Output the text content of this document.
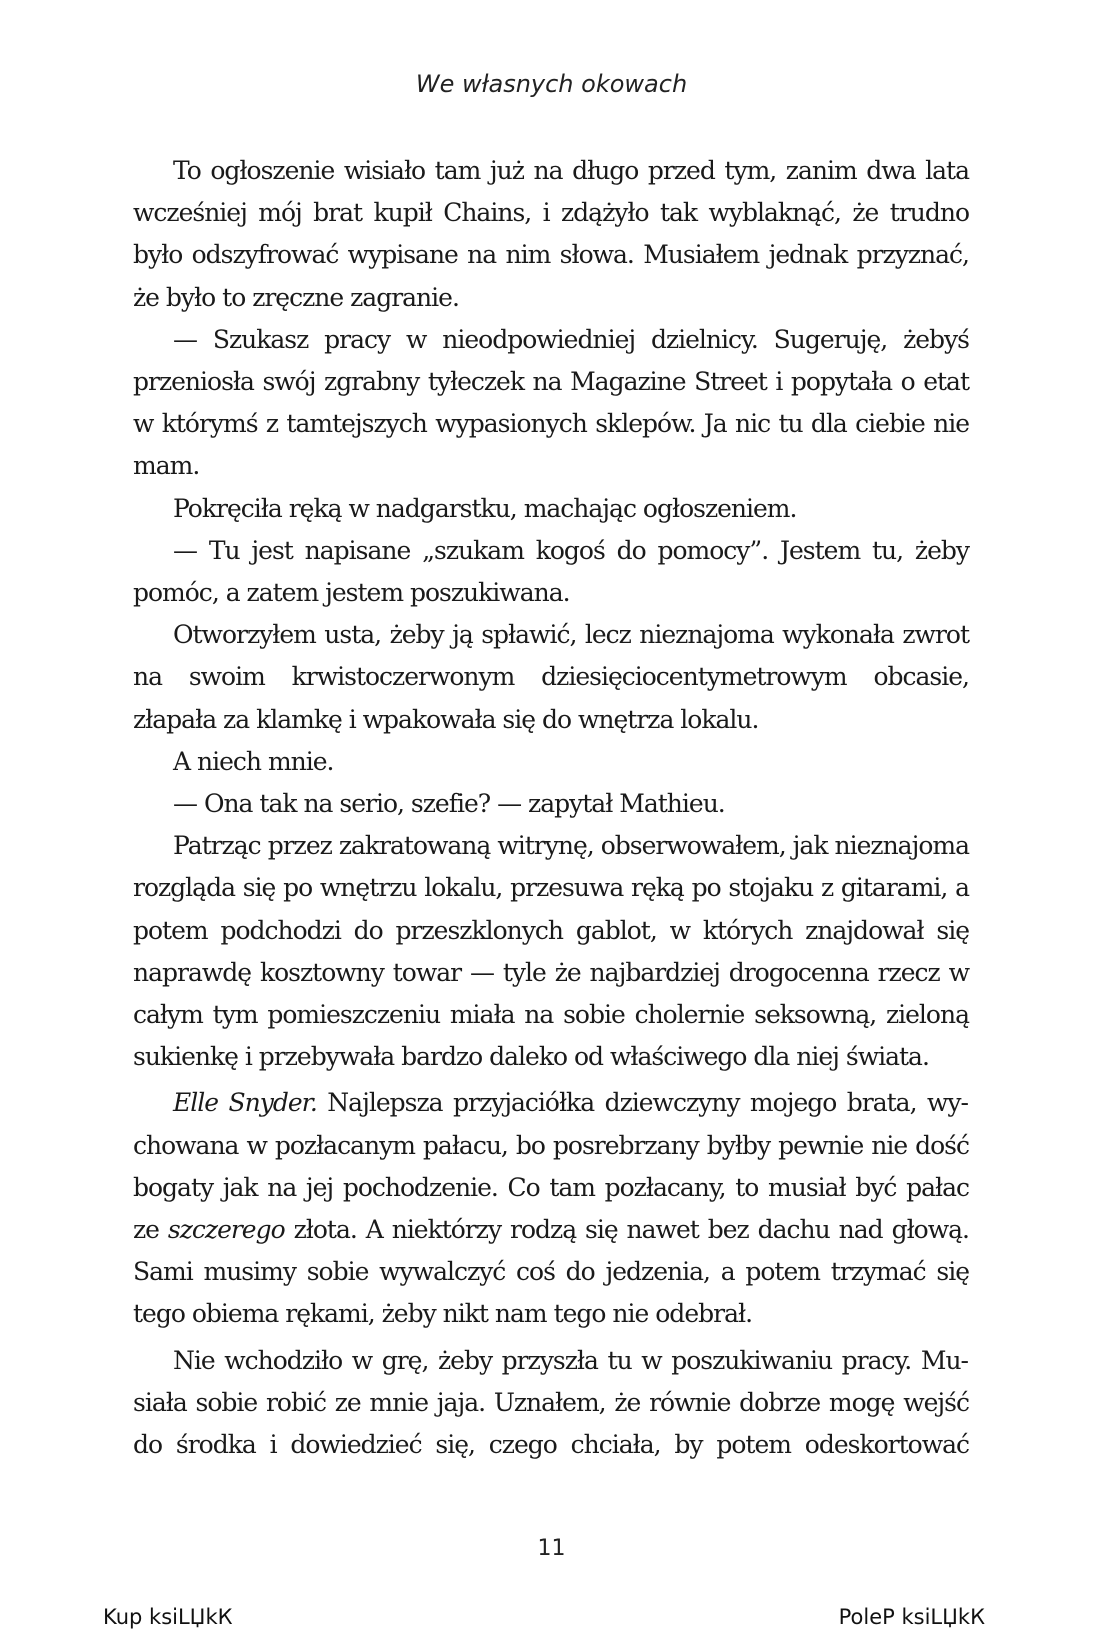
We własnych okowach

To ogłoszenie wisiało tam już na długo przed tym, zanim dwa lata wcześniej mój brat kupił Chains, i zdążyło tak wyblaknąć, że trudno było odszyfrować wypisane na nim słowa. Musiałem jednak przyznać, że było to zręczne zagranie.

— Szukasz pracy w nieodpowiedniej dzielnicy. Sugeruję, żebyś przeniosła swój zgrabny tyłeczek na Magazine Street i popytała o etat w którymś z tamtejszych wypasionych sklepów. Ja nic tu dla ciebie nie mam.

Pokręciła ręką w nadgarstku, machając ogłoszeniem.

— Tu jest napisane „szukam kogoś do pomocy”. Jestem tu, żeby pomóc, a zatem jestem poszukiwana.

Otworzyłem usta, żeby ją spławić, lecz nieznajoma wykonała zwrot na swoim krwistoczerwonym dziesięciocentymetrowym obcasie, złapała za klamkę i wpakowała się do wnętrza lokalu.

A niech mnie.

— Ona tak na serio, szefie? — zapytał Mathieu.

Patrząc przez zakratowaną witrynę, obserwowałem, jak nieznajoma rozgląda się po wnętrzu lokalu, przesuwa ręką po stojaku z gitarami, a potem podchodzi do przeszklonych gablot, w których znajdował się naprawdę kosztowny towar — tyle że najbardziej drogocenna rzecz w całym tym pomieszczeniu miała na sobie cholernie seksowną, zieloną sukienkę i przebywała bardzo daleko od właściwego dla niej świata.

Elle Snyder. Najlepsza przyjaciółka dziewczyny mojego brata, wychowana w pozłacanym pałacu, bo posrebrzany byłby pewnie nie dość bogaty jak na jej pochodzenie. Co tam pozłacany, to musiał być pałac ze szczerego złota. A niektórzy rodzą się nawet bez dachu nad głową. Sami musimy sobie wywalczyć coś do jedzenia, a potem trzymać się tego obiema rękami, żeby nikt nam tego nie odebrał.

Nie wchodziło w grę, żeby przyszła tu w poszukiwaniu pracy. Musiała sobie robić ze mnie jaja. Uznałem, że równie dobrze mogę wejść do środka i dowiedzieć się, czego chciała, by potem odeskortować

11
Kup ksiLЏkК	PoleР ksiLЏkК
